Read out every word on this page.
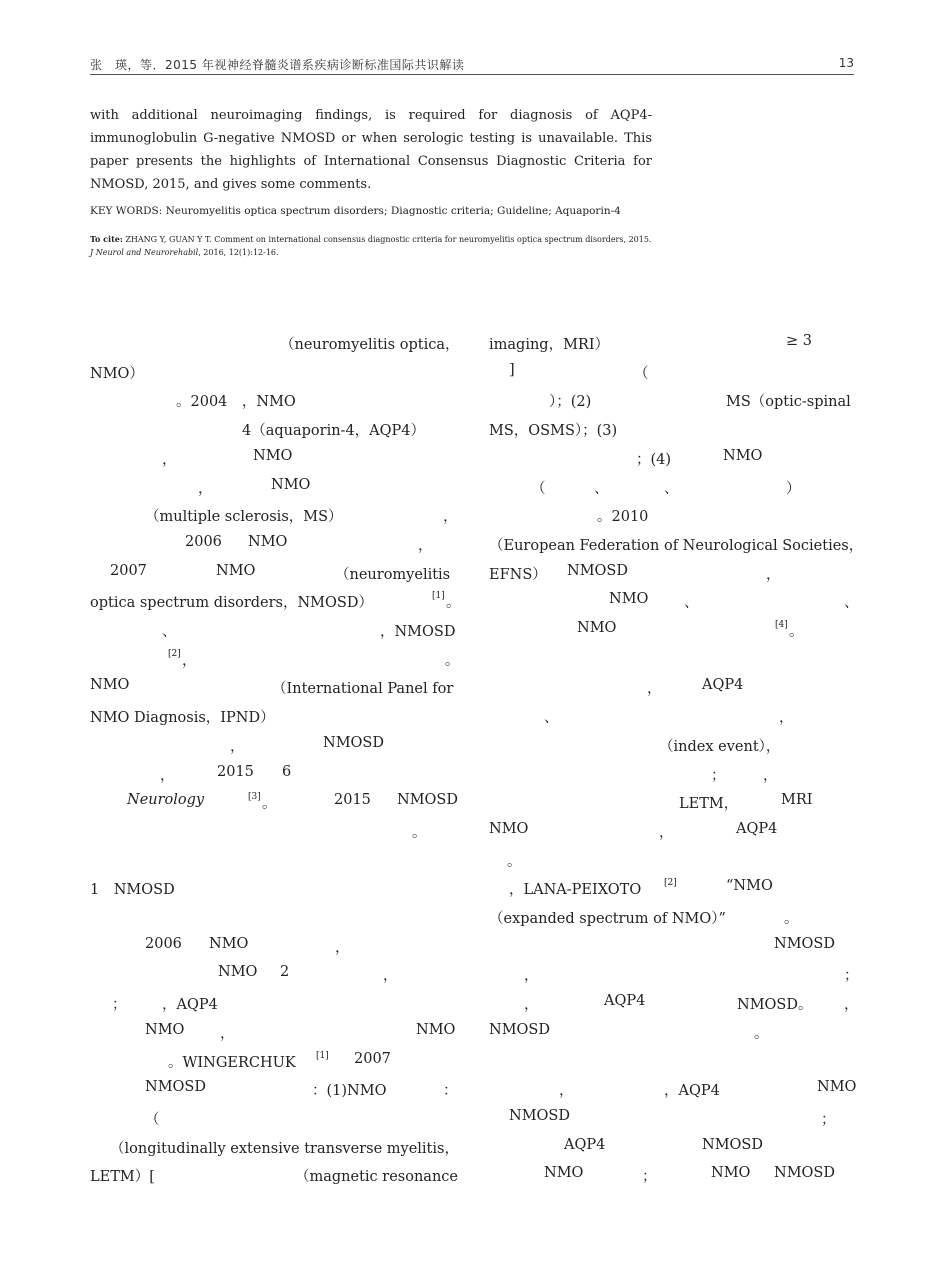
张　瑛，等．2015 年视神经脊髓炎谱系疾病诊断标准国际共识解读	13

with additional neuroimaging findings, is required for diagnosis of AQP4-immunoglobulin G-negative NMOSD or when serologic testing is unavailable. This paper presents the highlights of International Consensus Diagnostic Criteria for NMOSD, 2015, and gives some comments.

KEY WORDS: Neuromyelitis optica spectrum disorders; Diagnostic criteria; Guideline; Aquaporin-4

To cite: ZHANG Y, GUAN Y T. Comment on international consensus diagnostic criteria for neuromyelitis optica spectrum disorders, 2015.
J Neurol and Neurorehabil, 2016, 12(1):12-16.

（neuromyelitis optica，
NMO）
。2004　，NMO
4（aquaporin-4，AQP4）
，	NMO
，	NMO
（multiple sclerosis，MS）	，
2006 NMO	，
2007	NMO	（neuromyelitis
optica spectrum disorders，NMOSD）	[1] 。
、	，NMOSD
[2] ，	。
NMO	（International Panel for
NMO Diagnosis，IPND）
，	NMOSD
，	2015 6
Neurology	[3] 。	2015 NMOSD
。
1　NMOSD
2006 NMO	，
NMO 2	，
； ，AQP4
NMO ，	NMO
。WINGERCHUK [1] 2007
NMOSD	：(1)NMO	：
（
（longitudinally extensive transverse myelitis，
LETM）[	（magnetic resonance
imaging，MRI）	≥ 3
]	（
）；(2)	MS（optic-spinal
MS，OSMS）；(3)
；(4)	NMO
（	、	、	）
。2010
（European Federation of Neurological Societies，
EFNS） NMOSD	，
NMO 、	、
NMO	[4] 。
，	AQP4
、	，
（index event），
；	，
LETM，	MRI
NMO	，	AQP4
。
，LANA-PEIXOTO	[2]	“NMO
（expanded spectrum of NMO）”	。
NMOSD
，	；
，	AQP4	NMOSD。 ，
NMOSD	。
，	，AQP4	NMO
NMOSD	；
AQP4	NMOSD
NMO	；	NMO NMOSD
